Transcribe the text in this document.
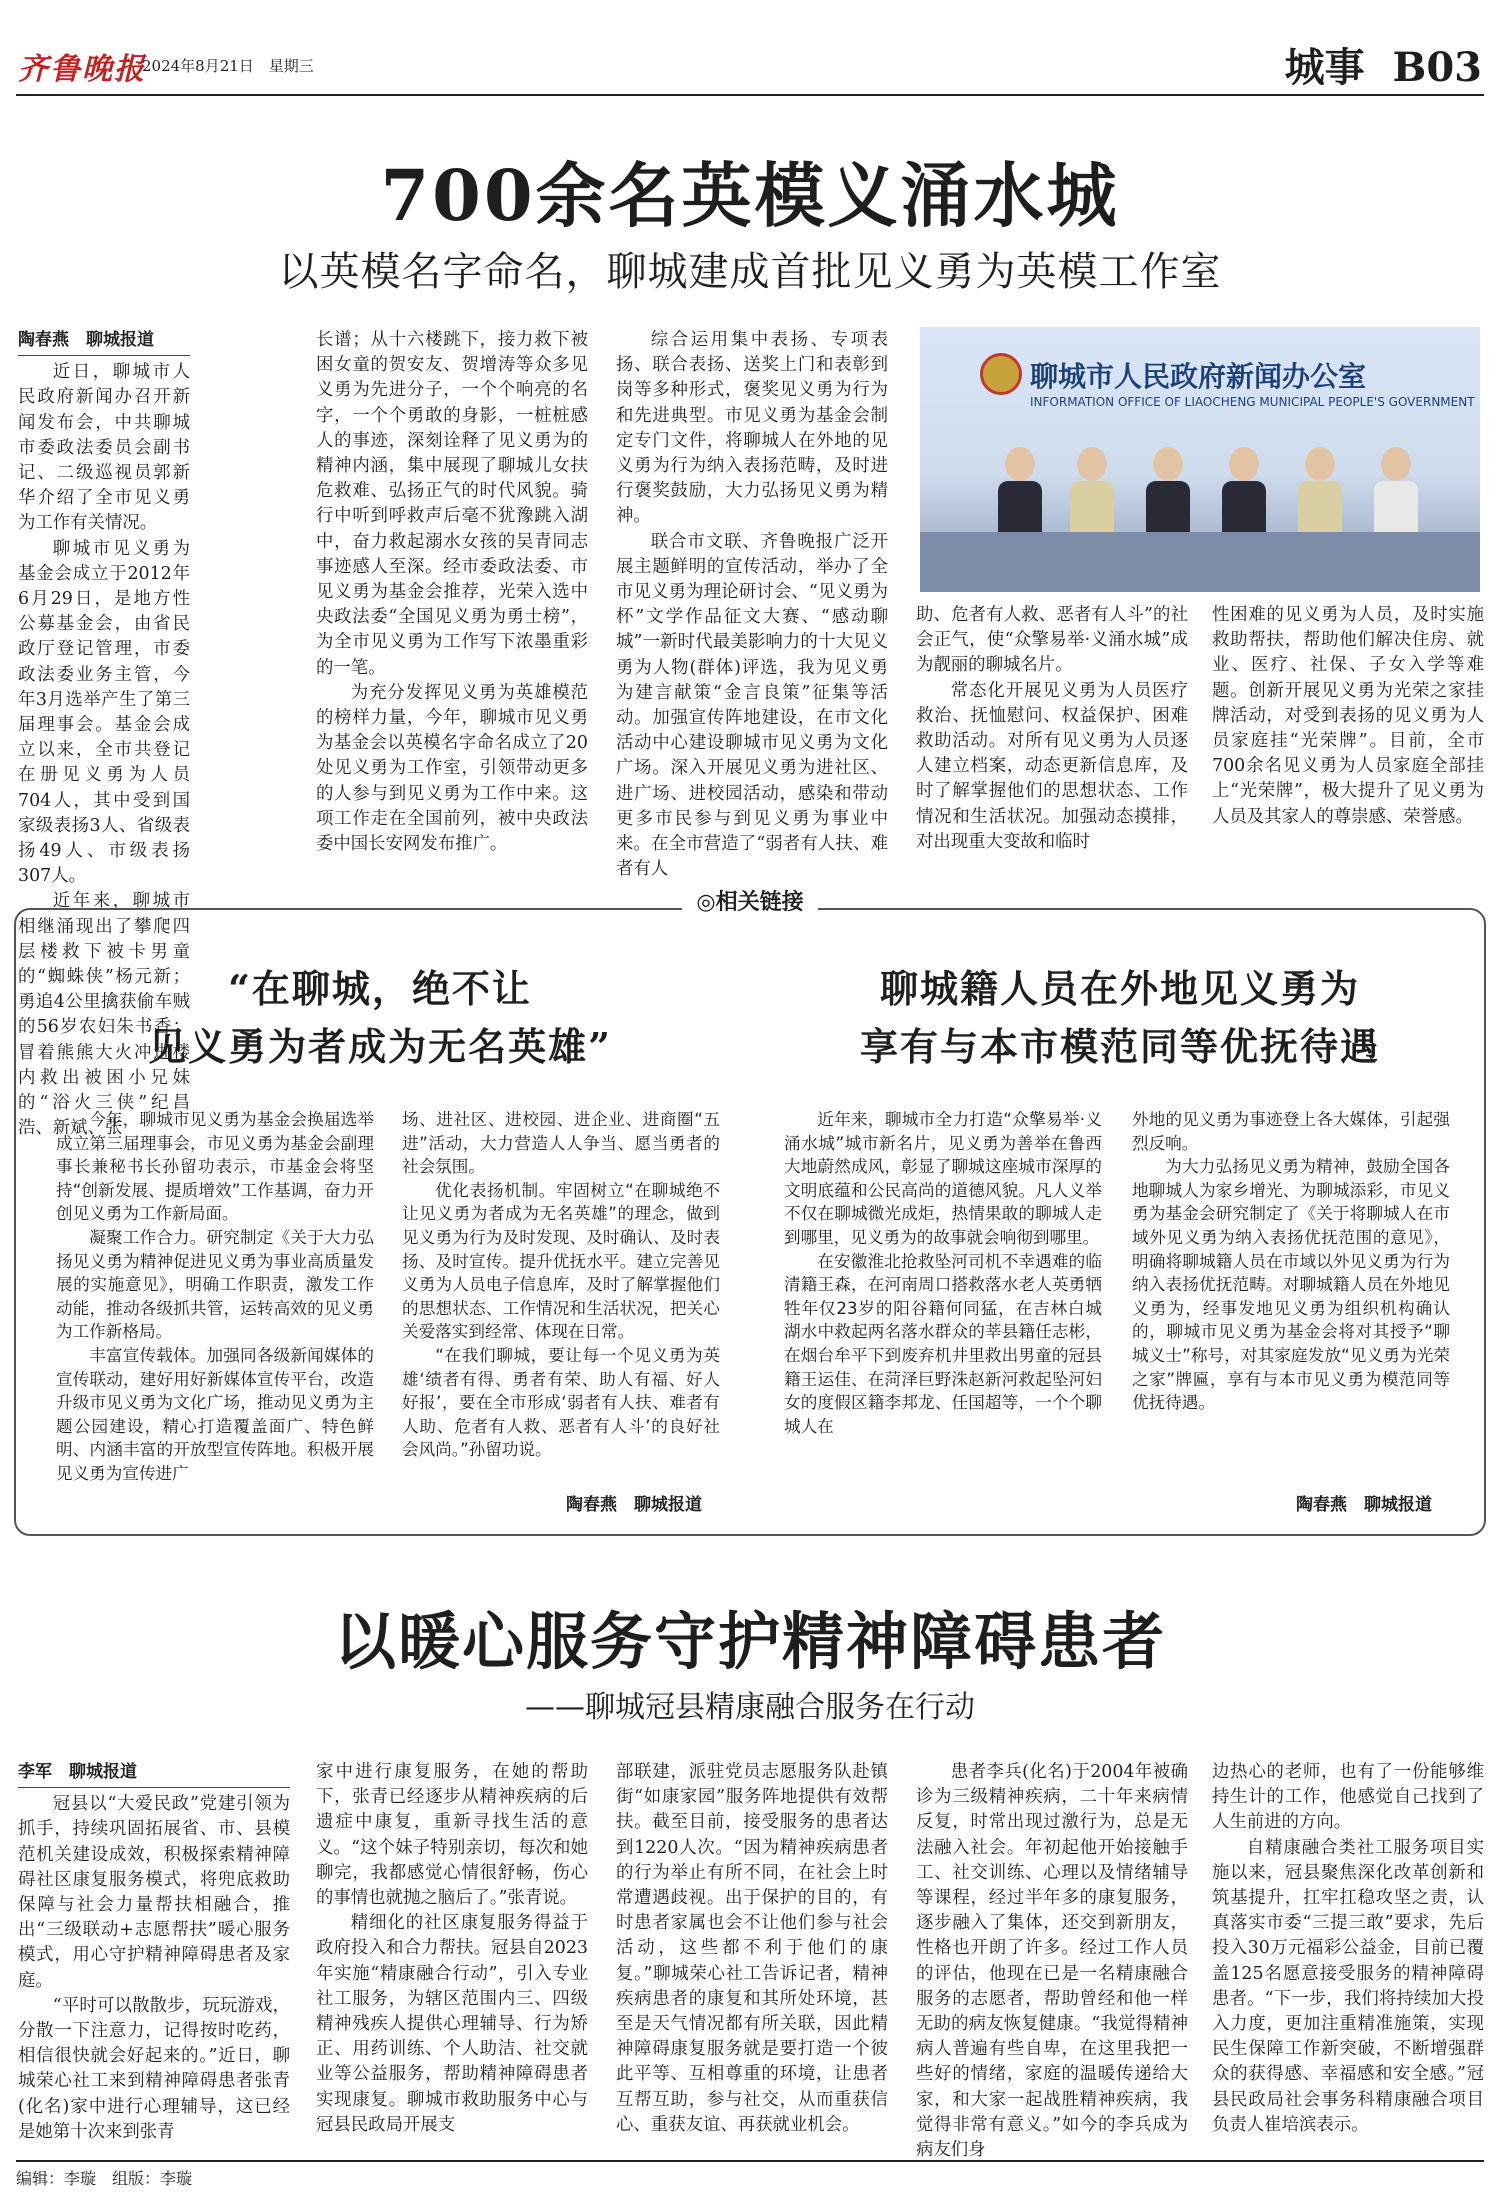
齐鲁晚报
2024年8月21日　星期三	城事 B03
700余名英模义涌水城
以英模名字命名，聊城建成首批见义勇为英模工作室
陶春燕　聊城报道

近日，聊城市人民政府新闻办召开新闻发布会，中共聊城市委政法委员会副书记、二级巡视员郭新华介绍了全市见义勇为工作有关情况。

聊城市见义勇为基金会成立于2012年6月29日，是地方性公募基金会，由省民政厅登记管理，市委政法委业务主管，今年3月选举产生了第三届理事会。基金会成立以来，全市共登记在册见义勇为人员704人，其中受到国家级表扬3人、省级表扬49人、市级表扬307人。

近年来，聊城市相继涌现出了攀爬四层楼救下被卡男童的“蜘蛛侠”杨元新；勇追4公里擒获偷车贼的56岁农妇朱书香；冒着熊熊大火冲进楼内救出被困小兄妹的“浴火三侠”纪昌浩、新斌、张

长谱；从十六楼跳下，接力救下被困女童的贺安友、贺增涛等众多见义勇为先进分子，一个个响亮的名字，一个个勇敢的身影，一桩桩感人的事迹，深刻诠释了见义勇为的精神内涵，集中展现了聊城儿女扶危救难、弘扬正气的时代风貌。骑行中听到呼救声后毫不犹豫跳入湖中，奋力救起溺水女孩的吴青同志事迹感人至深。经市委政法委、市见义勇为基金会推荐，光荣入选中央政法委“全国见义勇为勇士榜”，为全市见义勇为工作写下浓墨重彩的一笔。

为充分发挥见义勇为英雄模范的榜样力量，今年，聊城市见义勇为基金会以英模名字命名成立了20处见义勇为工作室，引领带动更多的人参与到见义勇为工作中来。这项工作走在全国前列，被中央政法委中国长安网发布推广。

综合运用集中表扬、专项表扬、联合表扬、送奖上门和表彰到岗等多种形式，褒奖见义勇为行为和先进典型。市见义勇为基金会制定专门文件，将聊城人在外地的见义勇为行为纳入表扬范畴，及时进行褒奖鼓励，大力弘扬见义勇为精神。

联合市文联、齐鲁晚报广泛开展主题鲜明的宣传活动，举办了全市见义勇为理论研讨会、“见义勇为杯”文学作品征文大赛、“感动聊城”一新时代最美影响力的十大见义勇为人物(群体)评选，我为见义勇为建言献策“金言良策”征集等活动。加强宣传阵地建设，在市文化活动中心建设聊城市见义勇为文化广场。深入开展见义勇为进社区、进广场、进校园活动，感染和带动更多市民参与到见义勇为事业中来。在全市营造了“弱者有人扶、难者有人

聊城市人民政府新闻办公室
INFORMATION OFFICE OF LIAOCHENG MUNICIPAL PEOPLE'S GOVERNMENT

助、危者有人救、恶者有人斗”的社会正气，使“众擎易举·义涌水城”成为靓丽的聊城名片。

常态化开展见义勇为人员医疗救治、抚恤慰问、权益保护、困难救助活动。对所有见义勇为人员逐人建立档案，动态更新信息库，及时了解掌握他们的思想状态、工作情况和生活状况。加强动态摸排，对出现重大变故和临时

性困难的见义勇为人员，及时实施救助帮扶，帮助他们解决住房、就业、医疗、社保、子女入学等难题。创新开展见义勇为光荣之家挂牌活动，对受到表扬的见义勇为人员家庭挂“光荣牌”。目前，全市700余名见义勇为人员家庭全部挂上“光荣牌”，极大提升了见义勇为人员及其家人的尊崇感、荣誉感。

◎相关链接
“在聊城，绝不让
见义勇为者成为无名英雄”

今年，聊城市见义勇为基金会换届选举成立第三届理事会，市见义勇为基金会副理事长兼秘书长孙留功表示，市基金会将坚持“创新发展、提质增效”工作基调，奋力开创见义勇为工作新局面。

凝聚工作合力。研究制定《关于大力弘扬见义勇为精神促进见义勇为事业高质量发展的实施意见》，明确工作职责，激发工作动能，推动各级抓共管，运转高效的见义勇为工作新格局。

丰富宣传载体。加强同各级新闻媒体的宣传联动，建好用好新媒体宣传平台，改造升级市见义勇为文化广场，推动见义勇为主题公园建设，精心打造覆盖面广、特色鲜明、内涵丰富的开放型宣传阵地。积极开展见义勇为宣传进广

场、进社区、进校园、进企业、进商圈“五进”活动，大力营造人人争当、愿当勇者的社会氛围。

优化表扬机制。牢固树立“在聊城绝不让见义勇为者成为无名英雄”的理念，做到见义勇为行为及时发现、及时确认、及时表扬、及时宣传。提升优抚水平。建立完善见义勇为人员电子信息库，及时了解掌握他们的思想状态、工作情况和生活状况，把关心关爱落实到经常、体现在日常。

“在我们聊城，要让每一个见义勇为英雄‘绩者有得、勇者有荣、助人有福、好人好报’，要在全市形成‘弱者有人扶、难者有人助、危者有人救、恶者有人斗’的良好社会风尚。”孙留功说。

陶春燕　聊城报道
聊城籍人员在外地见义勇为
享有与本市模范同等优抚待遇

近年来，聊城市全力打造“众擎易举·义涌水城”城市新名片，见义勇为善举在鲁西大地蔚然成风，彰显了聊城这座城市深厚的文明底蕴和公民高尚的道德风貌。凡人义举不仅在聊城微光成炬，热情果敢的聊城人走到哪里，见义勇为的故事就会响彻到哪里。

在安徽淮北抢救坠河司机不幸遇难的临清籍王森，在河南周口搭救落水老人英勇牺牲年仅23岁的阳谷籍何同猛，在吉林白城湖水中救起两名落水群众的莘县籍任志彬，在烟台牟平下到废弃机井里救出男童的冠县籍王运佳、在菏泽巨野洙赵新河救起坠河妇女的度假区籍李邦龙、任国超等，一个个聊城人在

外地的见义勇为事迹登上各大媒体，引起强烈反响。

为大力弘扬见义勇为精神，鼓励全国各地聊城人为家乡增光、为聊城添彩，市见义勇为基金会研究制定了《关于将聊城人在市域外见义勇为纳入表扬优抚范围的意见》，明确将聊城籍人员在市域以外见义勇为行为纳入表扬优抚范畴。对聊城籍人员在外地见义勇为，经事发地见义勇为组织机构确认的，聊城市见义勇为基金会将对其授予“聊城义士”称号，对其家庭发放“见义勇为光荣之家”牌匾，享有与本市见义勇为模范同等优抚待遇。

陶春燕　聊城报道
以暖心服务守护精神障碍患者
——聊城冠县精康融合服务在行动
李军　聊城报道

冠县以“大爱民政”党建引领为抓手，持续巩固拓展省、市、县模范机关建设成效，积极探索精神障碍社区康复服务模式，将兜底救助保障与社会力量帮扶相融合，推出“三级联动+志愿帮扶”暖心服务模式，用心守护精神障碍患者及家庭。

“平时可以散散步，玩玩游戏，分散一下注意力，记得按时吃药，相信很快就会好起来的。”近日，聊城荣心社工来到精神障碍患者张青(化名)家中进行心理辅导，这已经是她第十次来到张青

家中进行康复服务，在她的帮助下，张青已经逐步从精神疾病的后遗症中康复，重新寻找生活的意义。“这个妹子特别亲切，每次和她聊完，我都感觉心情很舒畅，伤心的事情也就抛之脑后了。”张青说。

精细化的社区康复服务得益于政府投入和合力帮扶。冠县自2023年实施“精康融合行动”，引入专业社工服务，为辖区范围内三、四级精神残疾人提供心理辅导、行为矫正、用药训练、个人助洁、社交就业等公益服务，帮助精神障碍患者实现康复。聊城市救助服务中心与冠县民政局开展支

部联建，派驻党员志愿服务队赴镇街“如康家园”服务阵地提供有效帮扶。截至目前，接受服务的患者达到1220人次。“因为精神疾病患者的行为举止有所不同，在社会上时常遭遇歧视。出于保护的目的，有时患者家属也会不让他们参与社会活动，这些都不利于他们的康复。”聊城荣心社工告诉记者，精神疾病患者的康复和其所处环境，甚至是天气情况都有所关联，因此精神障碍康复服务就是要打造一个彼此平等、互相尊重的环境，让患者互帮互助，参与社交，从而重获信心、重获友谊、再获就业机会。

患者李兵(化名)于2004年被确诊为三级精神疾病，二十年来病情反复，时常出现过激行为，总是无法融入社会。年初起他开始接触手工、社交训练、心理以及情绪辅导等课程，经过半年多的康复服务，逐步融入了集体，还交到新朋友，性格也开朗了许多。经过工作人员的评估，他现在已是一名精康融合服务的志愿者，帮助曾经和他一样无助的病友恢复健康。“我觉得精神病人普遍有些自卑，在这里我把一些好的情绪，家庭的温暖传递给大家，和大家一起战胜精神疾病，我觉得非常有意义。”如今的李兵成为病友们身

边热心的老师，也有了一份能够维持生计的工作，他感觉自己找到了人生前进的方向。

自精康融合类社工服务项目实施以来，冠县聚焦深化改革创新和筑基提升，扛牢扛稳攻坚之责，认真落实市委“三提三敢”要求，先后投入30万元福彩公益金，目前已覆盖125名愿意接受服务的精神障碍患者。“下一步，我们将持续加大投入力度，更加注重精准施策，实现民生保障工作新突破，不断增强群众的获得感、幸福感和安全感。”冠县民政局社会事务科精康融合项目负责人崔培滨表示。

编辑：李璇　组版：李璇
